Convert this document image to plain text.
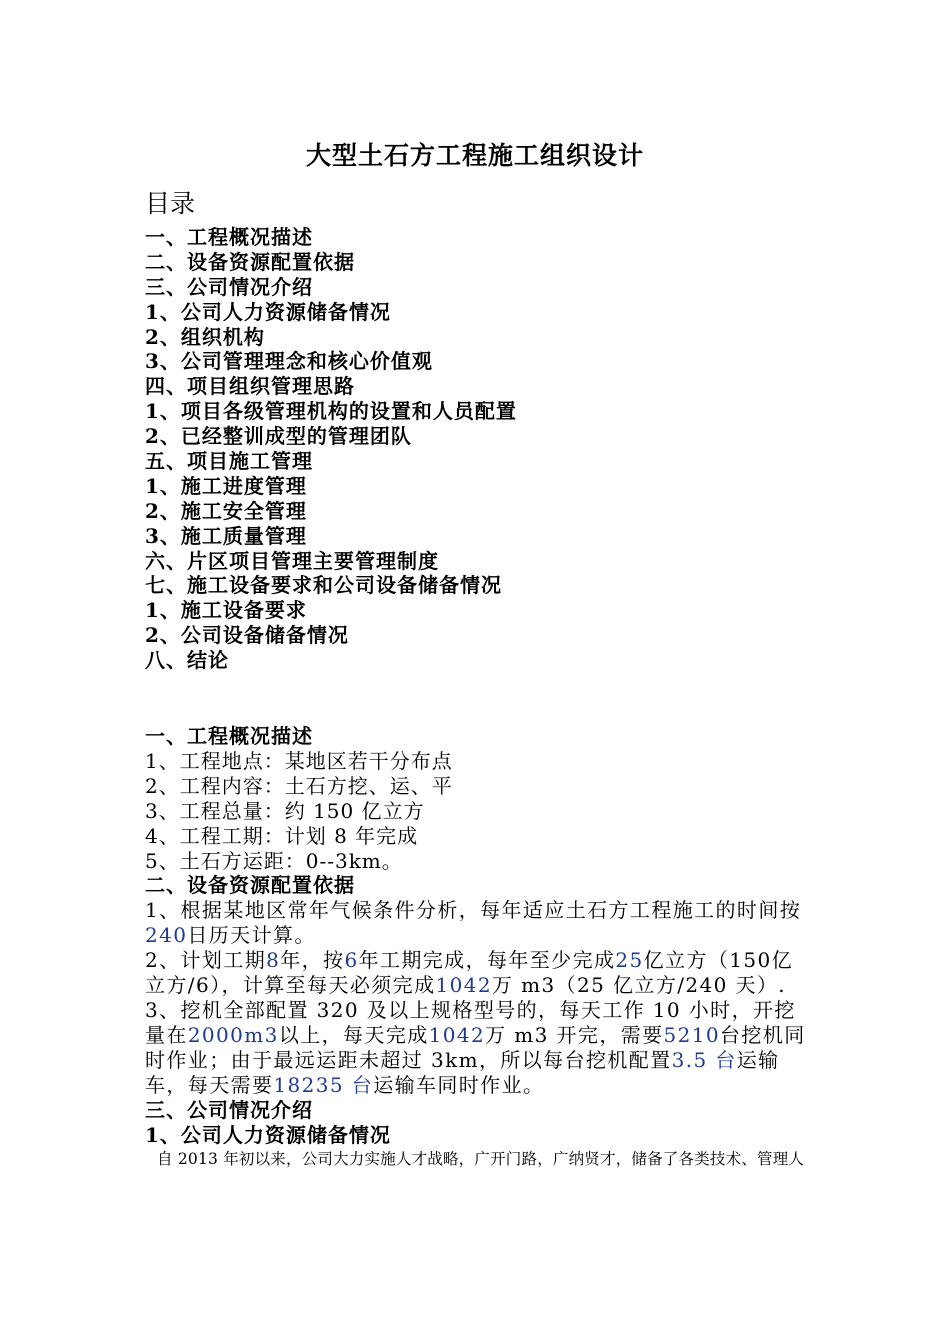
大型土石方工程施工组织设计
目录
一、工程概况描述
二、设备资源配置依据
三、公司情况介绍
1、公司人力资源储备情况
2、组织机构
3、公司管理理念和核心价值观
四、项目组织管理思路
1、项目各级管理机构的设置和人员配置
2、已经整训成型的管理团队
五、项目施工管理
1、施工进度管理
2、施工安全管理
3、施工质量管理
六、片区项目管理主要管理制度
七、施工设备要求和公司设备储备情况
1、施工设备要求
2、公司设备储备情况
八、结论
一、工程概况描述
1、工程地点：某地区若干分布点
2、工程内容：土石方挖、运、平
3、工程总量：约 150 亿立方
4、工程工期：计划 8 年完成
5、土石方运距：0--3km。
二、设备资源配置依据
1、根据某地区常年气候条件分析，每年适应土石方工程施工的时间按240日历天计算。
2、计划工期8年，按6年工期完成，每年至少完成25亿立方（150亿立方/6），计算至每天必须完成1042万 m3（25 亿立方/240 天）.
3、挖机全部配置 320 及以上规格型号的，每天工作 10 小时，开挖量在2000m3以上，每天完成1042万 m3 开完，需要5210台挖机同时作业；由于最远运距未超过 3km，所以每台挖机配置3.5 台运输车，每天需要18235 台运输车同时作业。
三、公司情况介绍
1、公司人力资源储备情况
自 2013 年初以来，公司大力实施人才战略，广开门路，广纳贤才，储备了各类技术、管理人
